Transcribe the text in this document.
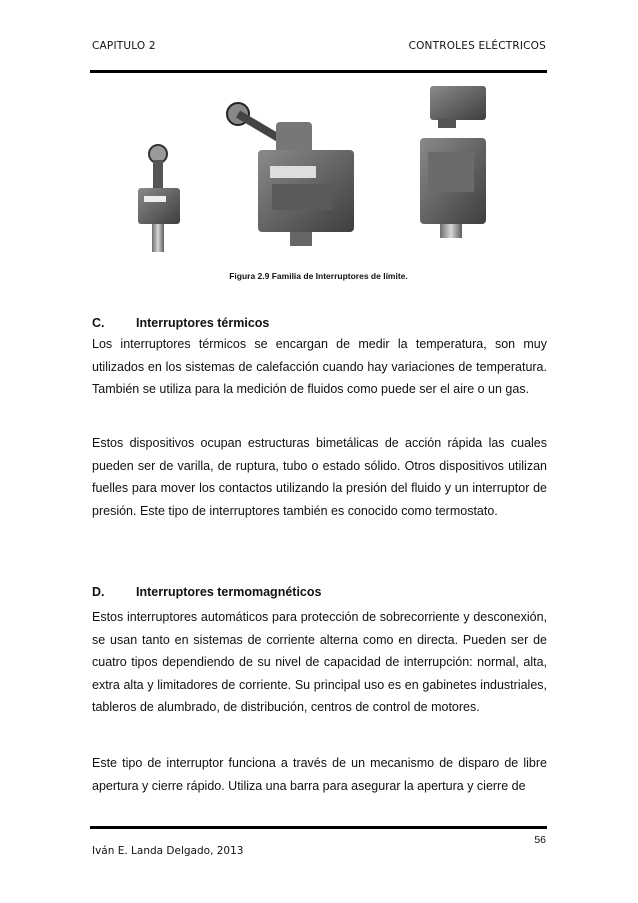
CAPITULO 2	CONTROLES ELÉCTRICOS
Figura 2.9 Familia de Interruptores de límite.
C.	Interruptores térmicos

Los interruptores térmicos se encargan de medir la temperatura, son muy utilizados en los sistemas de calefacción cuando hay variaciones de temperatura. También se utiliza para la medición de fluidos como puede ser el aire o un gas.

Estos dispositivos ocupan estructuras bimetálicas de acción rápida las cuales pueden ser de varilla, de ruptura, tubo o estado sólido. Otros dispositivos utilizan fuelles para mover los contactos utilizando la presión del fluido y un interruptor de presión. Este tipo de interruptores también es conocido como termostato.

D.	Interruptores termomagnéticos

Estos interruptores automáticos para protección de sobrecorriente y desconexión, se usan tanto en sistemas de corriente alterna como en directa. Pueden ser de cuatro tipos dependiendo de su nivel de capacidad de interrupción: normal, alta, extra alta y limitadores de corriente. Su principal uso es en gabinetes industriales, tableros de alumbrado, de distribución, centros de control de motores.

Este tipo de interruptor funciona a través de un mecanismo de disparo de libre apertura y cierre rápido. Utiliza una barra para asegurar la apertura y cierre de

Iván E. Landa Delgado, 2013
56
